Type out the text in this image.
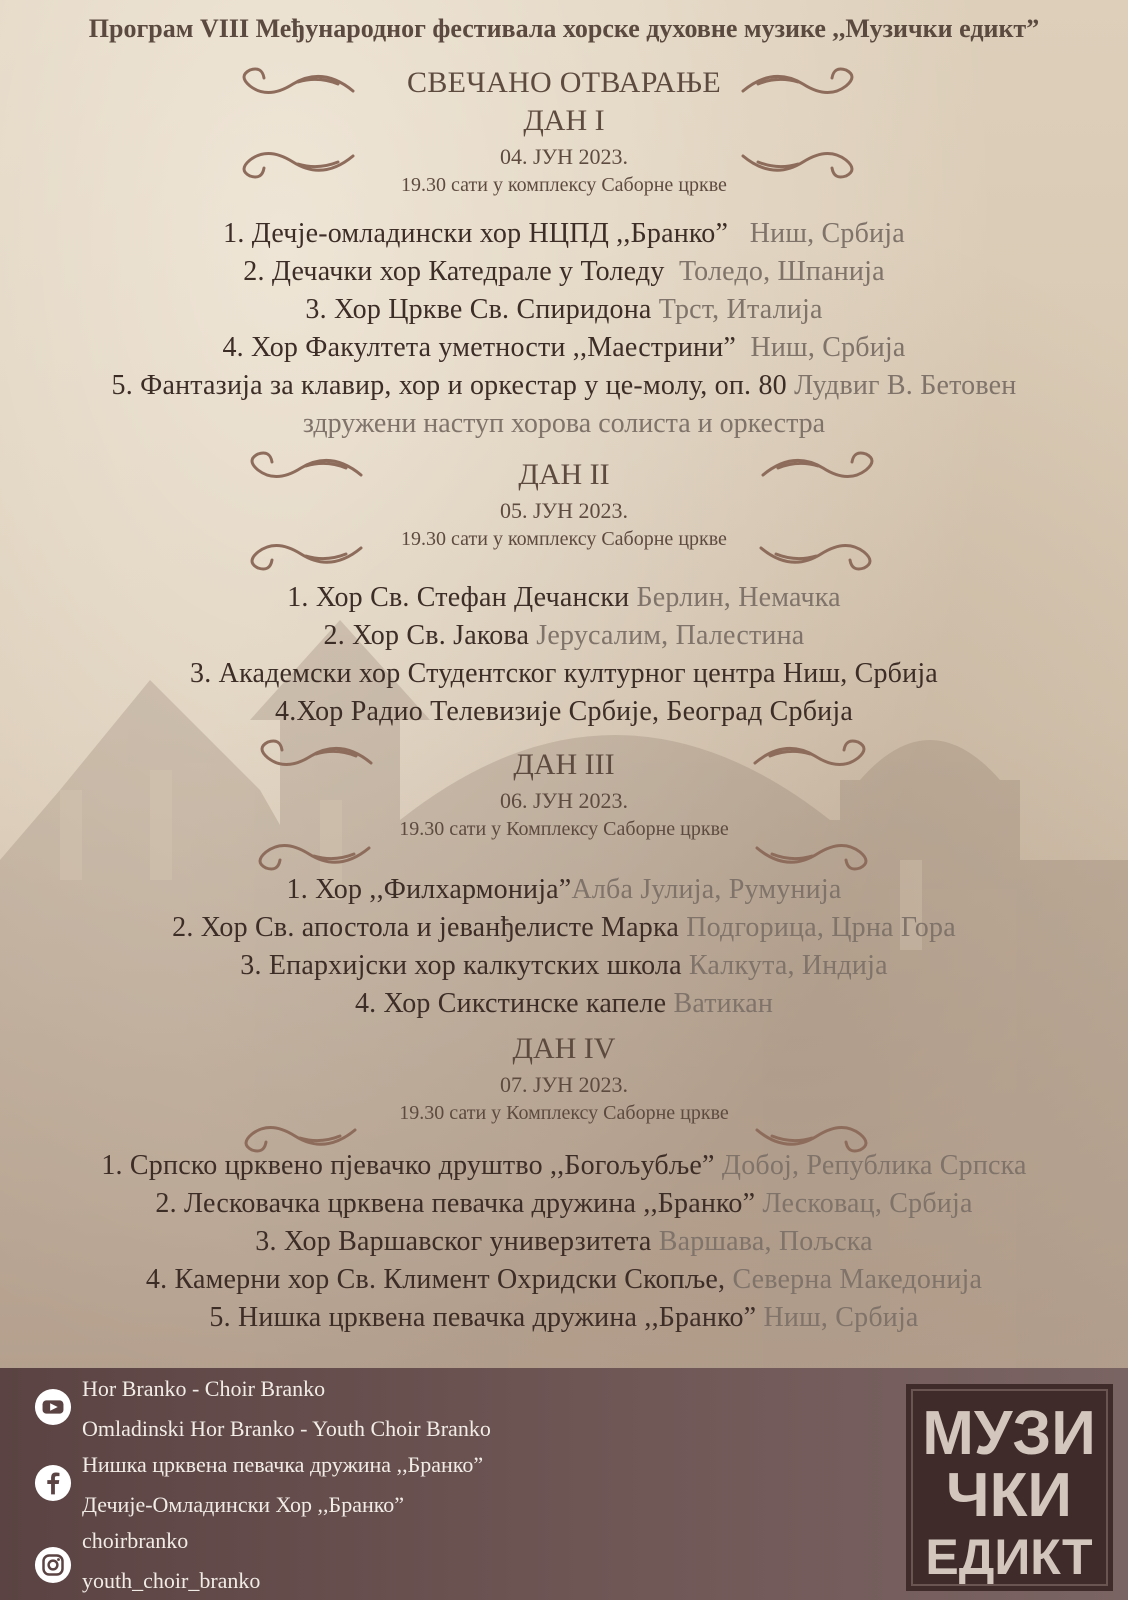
Програм VIII Међународног фестивала хорске духовне музике ,,Музички едикт”
СВЕЧАНО ОТВАРАЊЕ
ДАН I
04. ЈУН 2023.
19.30 сати у комплексу Саборне цркве
1. Дечје-омладински хор НЦПД ,,Бранко” Ниш, Србија
2. Дечачки хор Катедрале у Толеду Толедо, Шпанија
3. Хор Цркве Св. Спиридона Трст, Италија
4. Хор Факултета уметности ,,Маестрини” Ниш, Србија
5. Фантазија за клавир, хор и оркестар у це-молу, оп. 80 Лудвиг В. Бетовен
здружени наступ хорова солиста и оркестра
ДАН II
05. ЈУН 2023.
19.30 сати у комплексу Саборне цркве
1. Хор Св. Стефан Дечански Берлин, Немачка
2. Хор Св. Јакова Јерусалим, Палестина
3. Академски хор Студентског културног центра Ниш, Србија
4.Хор Радио Телевизије Србије, Београд Србија
ДАН III
06. ЈУН 2023.
19.30 сати у Комплексу Саборне цркве
1. Хор ,,Филхармонија”Алба Јулија, Румунија
2. Хор Св. апостола и јеванђелисте Марка Подгорица, Црна Гора
3. Епархијски хор калкутских школа Калкута, Индија
4. Хор Сикстинске капеле Ватикан
ДАН IV
07. ЈУН 2023.
19.30 сати у Комплексу Саборне цркве
1. Српско црквено пјевачко друштво ,,Богољубље” Добој, Република Српска
2. Лесковачка црквена певачка дружина ,,Бранко” Лесковац, Србија
3. Хор Варшавског универзитета Варшава, Пољска
4. Камерни хор Св. Климент Охридски Скопље, Северна Македонија
5. Нишка црквена певачка дружина ,,Бранко” Ниш, Србија
Hor Branko - Choir Branko
Omladinski Hor Branko - Youth Choir Branko
Нишка црквена певачка дружина ,,Бранко”
Дечије-Омладински Хор ,,Бранко”
choirbranko
youth_choir_branko
МУЗИ
ЧКИ
ЕДИКТ
